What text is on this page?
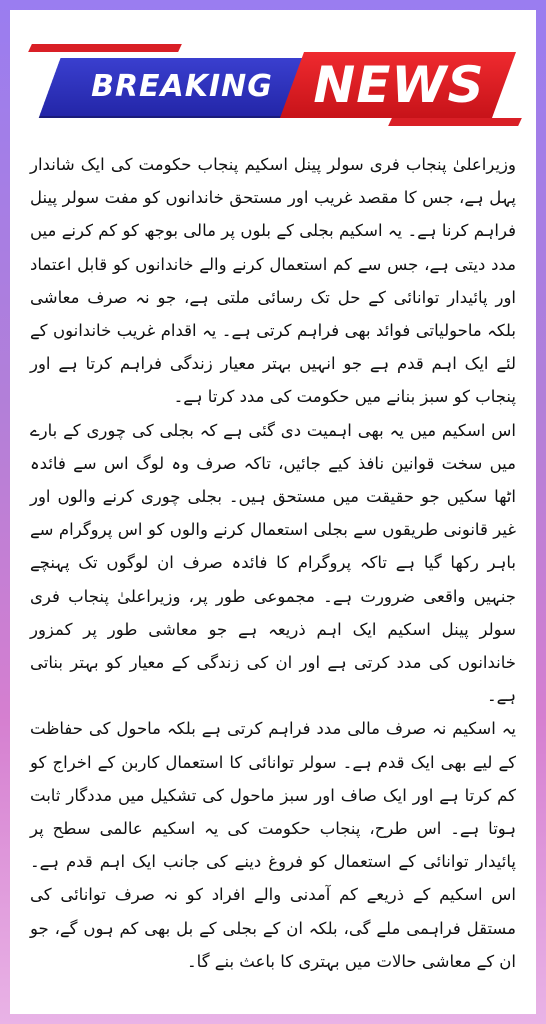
BREAKING NEWS

وزیراعلیٰ پنجاب فری سولر پینل اسکیم پنجاب حکومت کی ایک شاندار پہل ہے، جس کا مقصد غریب اور مستحق خاندانوں کو مفت سولر پینل فراہم کرنا ہے۔ یہ اسکیم بجلی کے بلوں پر مالی بوجھ کو کم کرنے میں مدد دیتی ہے، جس سے کم استعمال کرنے والے خاندانوں کو قابل اعتماد اور پائیدار توانائی کے حل تک رسائی ملتی ہے، جو نہ صرف معاشی بلکہ ماحولیاتی فوائد بھی فراہم کرتی ہے۔ یہ اقدام غریب خاندانوں کے لئے ایک اہم قدم ہے جو انہیں بہتر معیار زندگی فراہم کرتا ہے اور پنجاب کو سبز بنانے میں حکومت کی مدد کرتا ہے۔

اس اسکیم میں یہ بھی اہمیت دی گئی ہے کہ بجلی کی چوری کے بارے میں سخت قوانین نافذ کیے جائیں، تاکہ صرف وہ لوگ اس سے فائدہ اٹھا سکیں جو حقیقت میں مستحق ہیں۔ بجلی چوری کرنے والوں اور غیر قانونی طریقوں سے بجلی استعمال کرنے والوں کو اس پروگرام سے باہر رکھا گیا ہے تاکہ پروگرام کا فائدہ صرف ان لوگوں تک پہنچے جنہیں واقعی ضرورت ہے۔ مجموعی طور پر، وزیراعلیٰ پنجاب فری سولر پینل اسکیم ایک اہم ذریعہ ہے جو معاشی طور پر کمزور خاندانوں کی مدد کرتی ہے اور ان کی زندگی کے معیار کو بہتر بناتی ہے۔

یہ اسکیم نہ صرف مالی مدد فراہم کرتی ہے بلکہ ماحول کی حفاظت کے لیے بھی ایک قدم ہے۔ سولر توانائی کا استعمال کاربن کے اخراج کو کم کرتا ہے اور ایک صاف اور سبز ماحول کی تشکیل میں مددگار ثابت ہوتا ہے۔ اس طرح، پنجاب حکومت کی یہ اسکیم عالمی سطح پر پائیدار توانائی کے استعمال کو فروغ دینے کی جانب ایک اہم قدم ہے۔ اس اسکیم کے ذریعے کم آمدنی والے افراد کو نہ صرف توانائی کی مستقل فراہمی ملے گی، بلکہ ان کے بجلی کے بل بھی کم ہوں گے، جو ان کے معاشی حالات میں بہتری کا باعث بنے گا۔
